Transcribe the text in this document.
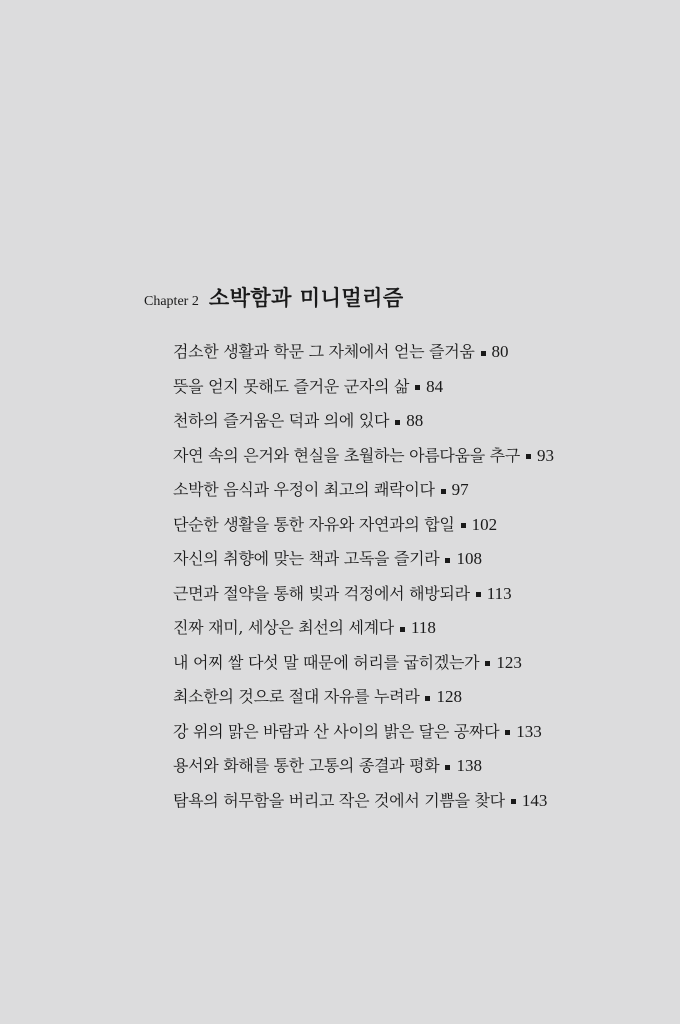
Chapter 2 소박함과 미니멀리즘
검소한 생활과 학문 그 자체에서 얻는 즐거움 80
뜻을 얻지 못해도 즐거운 군자의 삶 84
천하의 즐거움은 덕과 의에 있다 88
자연 속의 은거와 현실을 초월하는 아름다움을 추구 93
소박한 음식과 우정이 최고의 쾌락이다 97
단순한 생활을 통한 자유와 자연과의 합일 102
자신의 취향에 맞는 책과 고독을 즐기라 108
근면과 절약을 통해 빚과 걱정에서 해방되라 113
진짜 재미, 세상은 최선의 세계다 118
내 어찌 쌀 다섯 말 때문에 허리를 굽히겠는가 123
최소한의 것으로 절대 자유를 누려라 128
강 위의 맑은 바람과 산 사이의 밝은 달은 공짜다 133
용서와 화해를 통한 고통의 종결과 평화 138
탐욕의 허무함을 버리고 작은 것에서 기쁨을 찾다 143
